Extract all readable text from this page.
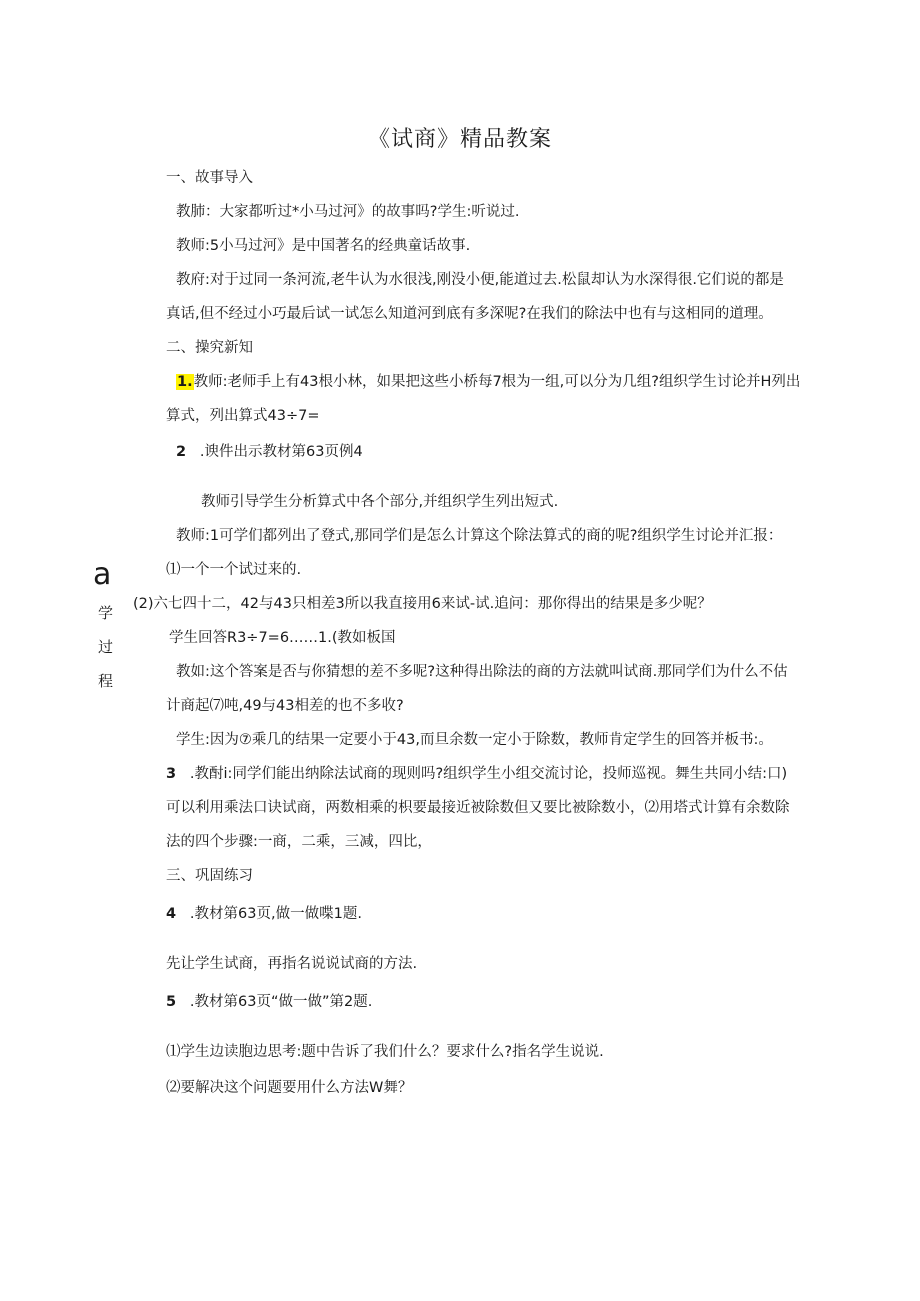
《试商》精品教案
一、故事导入
教肺：大家都听过*小马过河》的故事吗?学生:听说过.
教师:5小马过河》是中国著名的经典童话故事.
教府:对于过同一条河流,老牛认为水很浅,刚没小便,能道过去.松鼠却认为水深得很.它们说的都是
真话,但不经过小巧最后试一试怎么知道河到底有多深呢?在我们的除法中也有与这相同的道理。
二、操究新知
1.教师:老师手上有43根小林，如果把这些小桥每7根为一组,可以分为几组?组织学生讨论并H列出
算式，列出算式43÷7=
2 .谀件出示教材第63页例4
教师引导学生分析算式中各个部分,并组织学生列出短式.
教师:1可学们都列出了登式,那同学们是怎么计算这个除法算式的商的呢?组织学生讨论并汇报：
⑴一个一个试过来的.
(2)六七四十二，42与43只相差3所以我直接用6来试-试.追问：那你得出的结果是多少呢？
学生回答R3÷7=6……1.(教如板国
教如:这个答案是否与你猜想的差不多呢?这种得出除法的商的方法就叫试商.那同学们为什么不估
计商起⑺吨,49与43相差的也不多收?
学生:因为⑦乘几的结果一定要小于43,而旦余数一定小于除数，教师肯定学生的回答并板书:。
3 .教酎i:同学们能出纳除法试商的现则吗?组织学生小组交流讨论，投师巡视。舞生共同小结:口)
可以利用乘法口诀试商，两数相乘的枳要最接近被除数但又要比被除数小，⑵用塔式计算有余数除
法的四个步骤:一商，二乘，三减，四比，
三、巩固练习
4 .教材第63页,做一做喋1题.
先让学生试商，再指名说说试商的方法.
5 .教材第63页“做一做”第2题.
⑴学生边读胞边思考:题中告诉了我们什么？要求什么?指名学生说说.
⑵要解决这个问题要用什么方法W舞？
a
学
过
程
